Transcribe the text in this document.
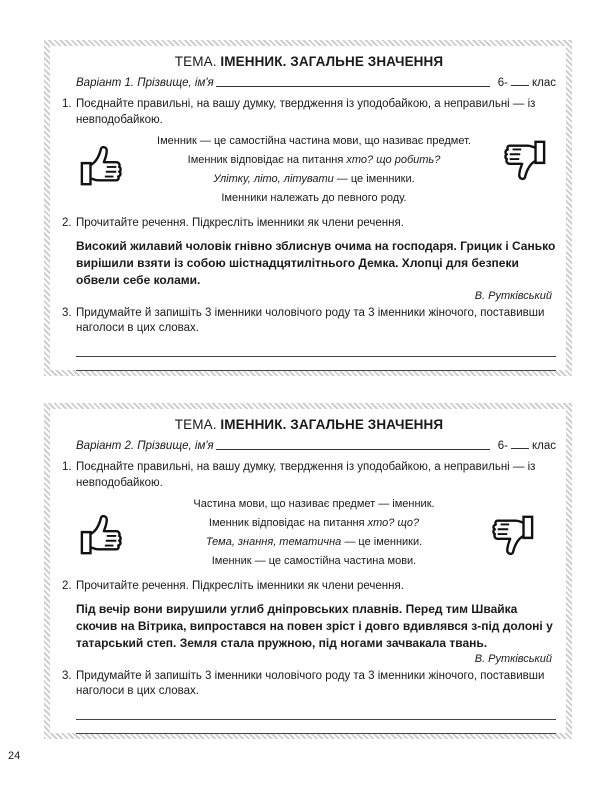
ТЕМА. ІМЕННИК. ЗАГАЛЬНЕ ЗНАЧЕННЯ
Варіант 1. Прізвище, ім'я	6- клас
1. Поєднайте правильні, на вашу думку, твердження із уподобайкою, а неправильні — із невподобайкою.
Іменник — це самостійна частина мови, що називає предмет.
Іменник відповідає на питання хто? що робить?
Улітку, літо, літувати — це іменники.
Іменники належать до певного роду.
2. Прочитайте речення. Підкресліть іменники як члени речення.
Високий жилавий чоловік гнівно зблиснув очима на господаря. Грицик і Санько вирішили взяти із собою шістнадцятилітнього Демка. Хлопці для безпеки обвели себе колами.
В. Рутківський
3. Придумайте й запишіть 3 іменники чоловічого роду та 3 іменники жіночого, поставивши наголоси в цих словах.
ТЕМА. ІМЕННИК. ЗАГАЛЬНЕ ЗНАЧЕННЯ
Варіант 2. Прізвище, ім'я	6- клас
1. Поєднайте правильні, на вашу думку, твердження із уподобайкою, а неправильні — із невподобайкою.
Частина мови, що називає предмет — іменник.
Іменник відповідає на питання хто? що?
Тема, знання, тематична — це іменники.
Іменник — це самостійна частина мови.
2. Прочитайте речення. Підкресліть іменники як члени речення.
Під вечір вони вирушили углиб дніпровських плавнів. Перед тим Швайка скочив на Вітрика, випростався на повен зріст і довго вдивлявся з-під долоні у татарський степ. Земля стала пружною, під ногами зачвакала твань.
В. Рутківський
3. Придумайте й запишіть 3 іменники чоловічого роду та 3 іменники жіночого, поставивши наголоси в цих словах.
24
